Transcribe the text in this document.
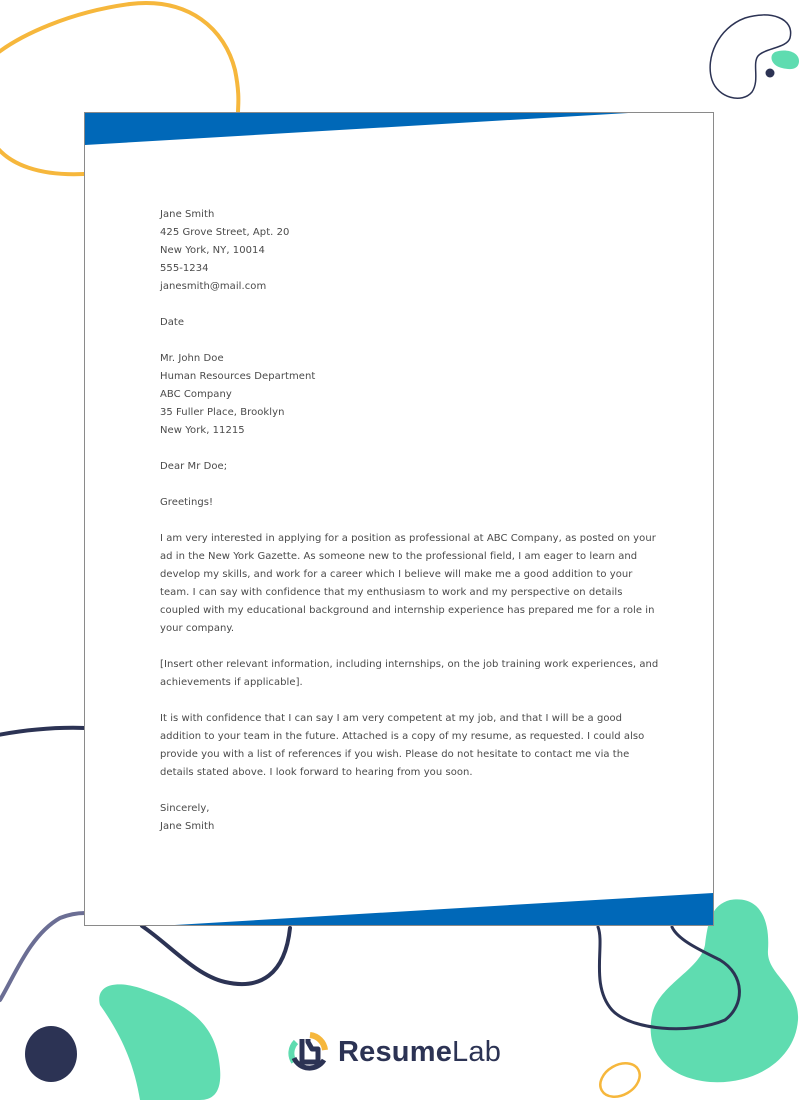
Jane Smith
425 Grove Street, Apt. 20
New York, NY, 10014
555-1234
janesmith@mail.com
Date
Mr. John Doe
Human Resources Department
ABC Company
35 Fuller Place, Brooklyn
New York, 11215
Dear Mr Doe;
Greetings!

I am very interested in applying for a position as professional at ABC Company, as posted on your ad in the New York Gazette. As someone new to the professional field, I am eager to learn and develop my skills, and work for a career which I believe will make me a good addition to your team. I can say with confidence that my enthusiasm to work and my perspective on details coupled with my educational background and internship experience has prepared me for a role in your company.

[Insert other relevant information, including internships, on the job training work experiences, and achievements if applicable].

It is with confidence that I can say I am very competent at my job, and that I will be a good addition to your team in the future. Attached is a copy of my resume, as requested. I could also provide you with a list of references if you wish. Please do not hesitate to contact me via the details stated above. I look forward to hearing from you soon.

Sincerely,
Jane Smith
ResumeLab
